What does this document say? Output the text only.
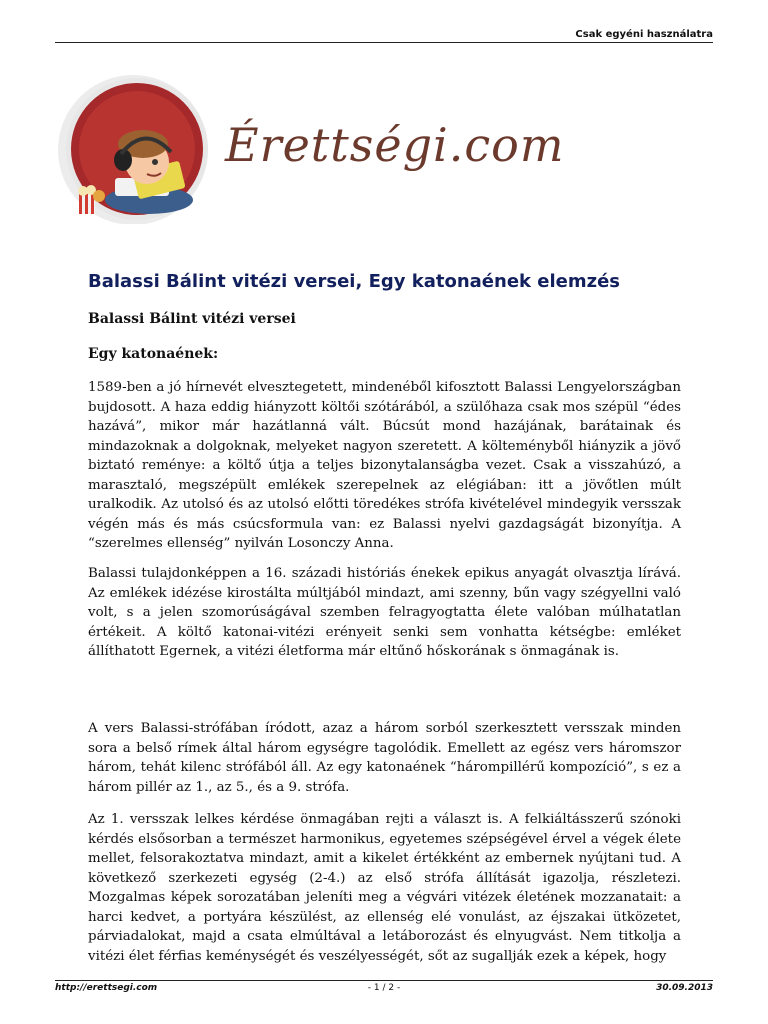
Csak egyéni használatra
Érettségi.com
Balassi Bálint vitézi versei, Egy katonaének elemzés

Balassi Bálint vitézi versei

Egy katonaének:

1589-ben a jó hírnevét elvesztegetett, mindenéből kifosztott Balassi Lengyelországban bujdosott. A haza eddig hiányzott költői szótárából, a szülőhaza csak mos szépül “édes hazává”, mikor már hazátlanná vált. Búcsút mond hazájának, barátainak és mindazoknak a dolgoknak, melyeket nagyon szeretett. A költeményből hiányzik a jövő biztató reménye: a költő útja a teljes bizonytalanságba vezet. Csak a visszahúzó, a marasztaló, megszépült emlékek szerepelnek az elégiában: itt a jövőtlen múlt uralkodik. Az utolsó és az utolsó előtti töredékes strófa kivételével mindegyik versszak végén más és más csúcsformula van: ez Balassi nyelvi gazdagságát bizonyítja. A “szerelmes ellenség” nyilván Losonczy Anna.

Balassi tulajdonképpen a 16. századi históriás énekek epikus anyagát olvasztja lírává. Az emlékek idézése kirostálta múltjából mindazt, ami szenny, bűn vagy szégyellni való volt, s a jelen szomorúságával szemben felragyogtatta élete valóban múlhatatlan értékeit. A költő katonai-vitézi erényeit senki sem vonhatta kétségbe: emléket állíthatott Egernek, a vitézi életforma már eltűnő hőskorának s önmagának is.

A vers Balassi-strófában íródott, azaz a három sorból szerkesztett versszak minden sora a belső rímek által három egységre tagolódik. Emellett az egész vers háromszor három, tehát kilenc strófából áll. Az egy katonaének “hárompillérű kompozíció”, s ez a három pillér az 1., az 5., és a 9. strófa.

Az 1. versszak lelkes kérdése önmagában rejti a választ is. A felkiáltásszerű szónoki kérdés elsősorban a természet harmonikus, egyetemes szépségével érvel a végek élete mellet, felsorakoztatva mindazt, amit a kikelet értékként az embernek nyújtani tud. A következő szerkezeti egység (2-4.) az első strófa állítását igazolja, részletezi. Mozgalmas képek sorozatában jeleníti meg a végvári vitézek életének mozzanatait: a harci kedvet, a portyára készülést, az ellenség elé vonulást, az éjszakai ütközetet, párviadalokat, majd a csata elmúltával a letáborozást és elnyugvást. Nem titkolja a vitézi élet férfias keménységét és veszélyességét, sőt az sugallják ezek a képek, hogy

http://erettsegi.com	- 1 / 2 -	30.09.2013
